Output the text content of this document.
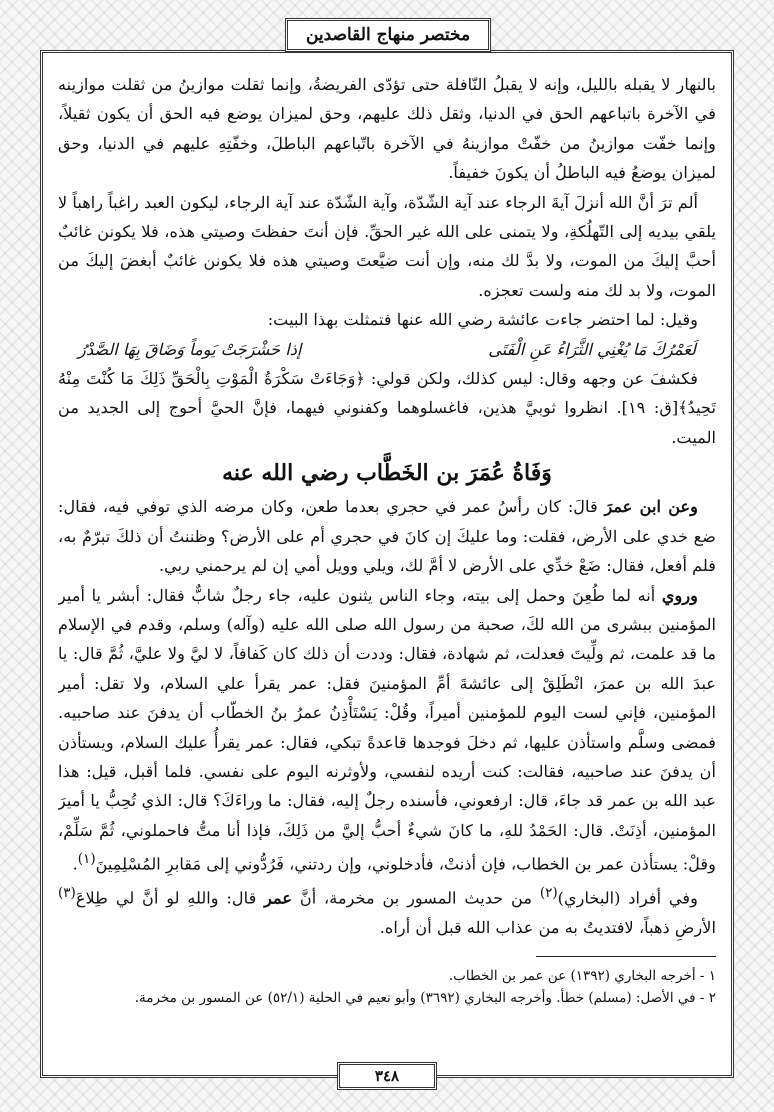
مختصر منهاج القاصدين

بالنهار لا يقبله بالليل، وإنه لا يقبلُ النّافلة حتى تؤدّى الفريضةُ، وإنما ثقلت موازينُ من ثقلت موازينه في الآخرة باتباعهم الحق في الدنيا، وثقل ذلك عليهم، وحق لميزان يوضع فيه الحق أن يكون ثقيلاً، وإنما خفّت موازينُ من خفّتْ موازينهُ في الآخرة باتّباعهم الباطلَ، وخفّتِهِ عليهم في الدنيا، وحق لميزان يوضعُ فيه الباطلُ أن يكونَ خفيفاً.

ألم ترَ أنَّ الله أنزلَ آيةَ الرجاء عند آية الشّدّة، وآية الشّدّة عند آية الرجاء، ليكون العبد راغباً راهباً لا يلقي بيديه إلى التّهلُكةِ، ولا يتمنى على الله غير الحقِّ. فإن أنتَ حفظتَ وصيتي هذه، فلا يكونن غائبٌ أحبَّ إليكَ من الموت، ولا بدَّ لك منه، وإن أنت ضيَّعتَ وصيتي هذه فلا يكونن غائبٌ أبغضَ إليكَ من الموت، ولا بد لك منه ولست تعجزه.

وقيل: لما احتضر جاءت عائشة رضي الله عنها فتمثلت بهذا البيت:

لَعَمْرُكَ مَا يُغْنِي الثَّرَاءُ عَنِ الْفَتَى
إذا حَشْرَجَتْ يَوماً وَضَاقَ بِهَا الصَّدْرُ

فكشفَ عن وجهه وقال: ليس كذلك، ولكن قولي: ﴿وَجَاءَتْ سَكْرَةُ الْمَوْتِ بِالْحَقِّ ذَلِكَ مَا كُنْتَ مِنْهُ تَحِيدُ﴾[ق: ١٩]. انظروا ثوبيَّ هذين، فاغسلوهما وكفنوني فيهما، فإنَّ الحيَّ أحوج إلى الجديد من الميت.

وَفَاةُ عُمَرَ بن الخَطَّاب رضي الله عنه

وعن ابن عمرَ قالَ: كان رأسُ عمر في حجري بعدما طعن، وكان مرضه الذي توفي فيه، فقال: ضع خدي على الأرض، فقلت: وما عليكَ إن كانَ في حجري أم على الأرض؟ وظننتُ أن ذلكَ تبرّمٌ به، فلم أفعل، فقال: ضَعْ خدِّي على الأرض لا أمَّ لك، ويلي وويل أمي إن لم يرحمني ربي.

وروي أنه لما طُعِنَ وحمل إلى بيته، وجاء الناس يثنون عليه، جاء رجلٌ شابٌّ فقال: أبشر يا أمير المؤمنين ببشرى من الله لكَ، صحبة من رسول الله صلى الله عليه (وآله) وسلم، وقدم في الإسلام ما قد علمت، ثم ولِّيتَ فعدلت، ثم شهادة، فقال: وددت أن ذلك كان كَفافاً، لا ليَّ ولا عليَّ، ثُمَّ قال: يا عبدَ الله بن عمرَ، انْطَلِقْ إلى عائشةَ أمِّ المؤمنينَ فقل: عمر يقرأ علي السلام، ولا تقل: أمير المؤمنين، فإني لست اليوم للمؤمنين أميراً، وقُلْ: يَسْتَأْذِنُ عمرُ بنُ الخطّاب أن يدفنَ عند صاحبيه. فمضى وسلَّم واستأذن عليها، ثم دخلَ فوجدها قاعدةً تبكي، فقال: عمر يقرأُ عليك السلام، ويستأذن أن يدفنَ عند صاحبيه، فقالت: كنت أريده لنفسي، ولأوثرنه اليوم على نفسي. فلما أقبل، قيل: هذا عبد الله بن عمر قد جاءَ، قال: ارفعوني، فأسنده رجلٌ إليه، فقال: ما وراءَكَ؟ قال: الذي تُحِبُّ يا أميرَ المؤمنين، أذِنَتْ. قال: الحَمْدُ للهِ، ما كانَ شيءٌ أحبُّ إليَّ من ذَلِكَ، فإذا أنا متُّ فاحملوني، ثُمَّ سَلِّمْ، وقلْ: يستأذن عمر بن الخطاب، فإن أذنتْ، فأدخلوني، وإن ردتني، فَرُدُّوني إلى مَقابرِ المُسْلِمِينَ$^{(١)}$.

وفي أفراد (البخاري)$^{(٢)}$ من حديث المسور بن مخرمة، أنَّ عمر قال: واللهِ لو أنَّ لي طِلاعَ$^{(٣)}$ الأرضِ ذهباً، لافتديتُ به من عذاب الله قبل أن أراه.

١ - أخرجه البخاري (١٣٩٢) عن عمر بن الخطاب.

٢ - في الأصل: (مسلم) خطأ. وأخرجه البخاري (٣٦٩٢) وأبو نعيم في الحلية (٥٢/١) عن المسور بن مخرمة.

٣٤٨
